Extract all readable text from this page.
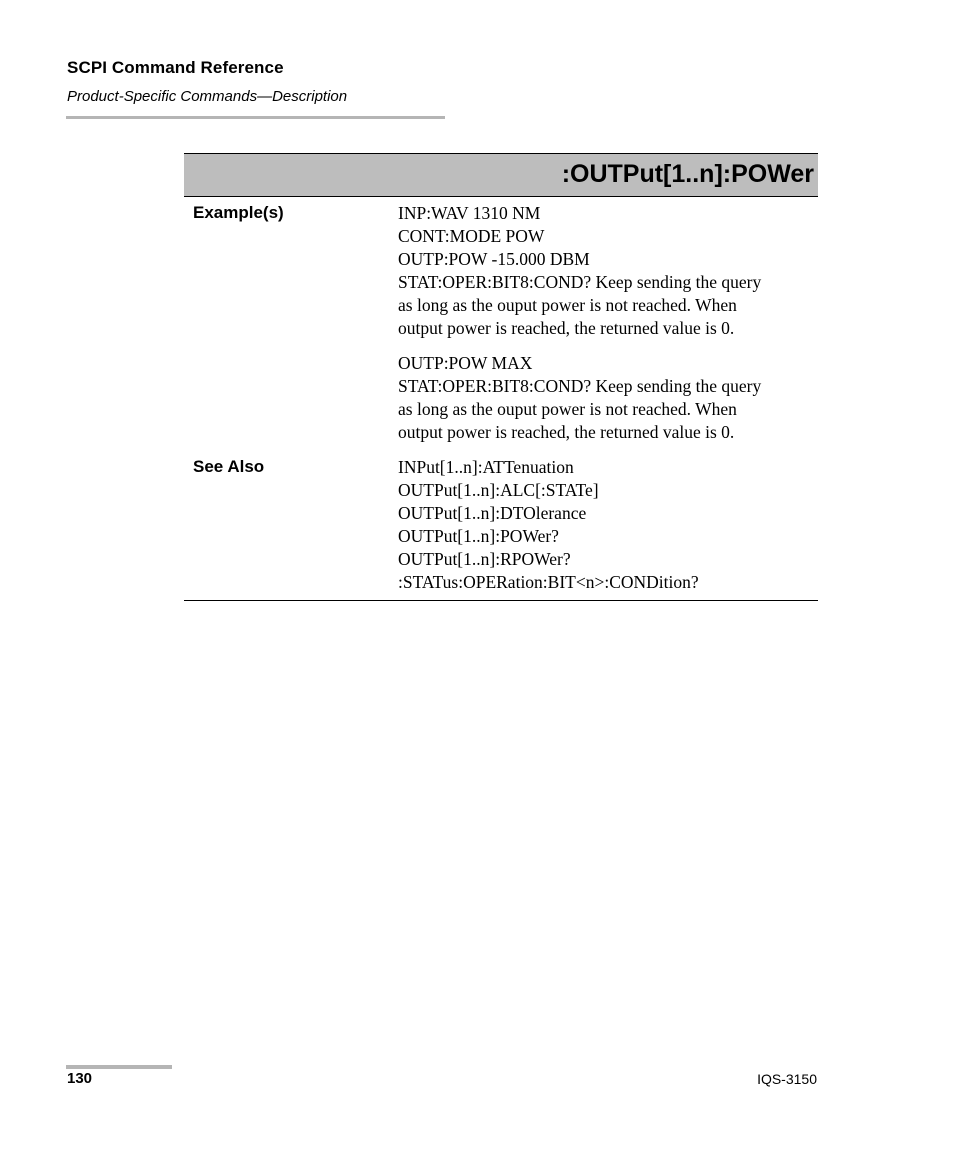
SCPI Command Reference
Product-Specific Commands—Description
:OUTPut[1..n]:POWer
Example(s)	INP:WAV 1310 NM
CONT:MODE POW
OUTP:POW -15.000 DBM
STAT:OPER:BIT8:COND? Keep sending the query
as long as the ouput power is not reached. When
output power is reached, the returned value is 0.
OUTP:POW MAX
STAT:OPER:BIT8:COND? Keep sending the query
as long as the ouput power is not reached. When
output power is reached, the returned value is 0.
See Also	INPut[1..n]:ATTenuation
OUTPut[1..n]:ALC[:STATe]
OUTPut[1..n]:DTOlerance
OUTPut[1..n]:POWer?
OUTPut[1..n]:RPOWer?
:STATus:OPERation:BIT<n>:CONDition?
130	IQS-3150
